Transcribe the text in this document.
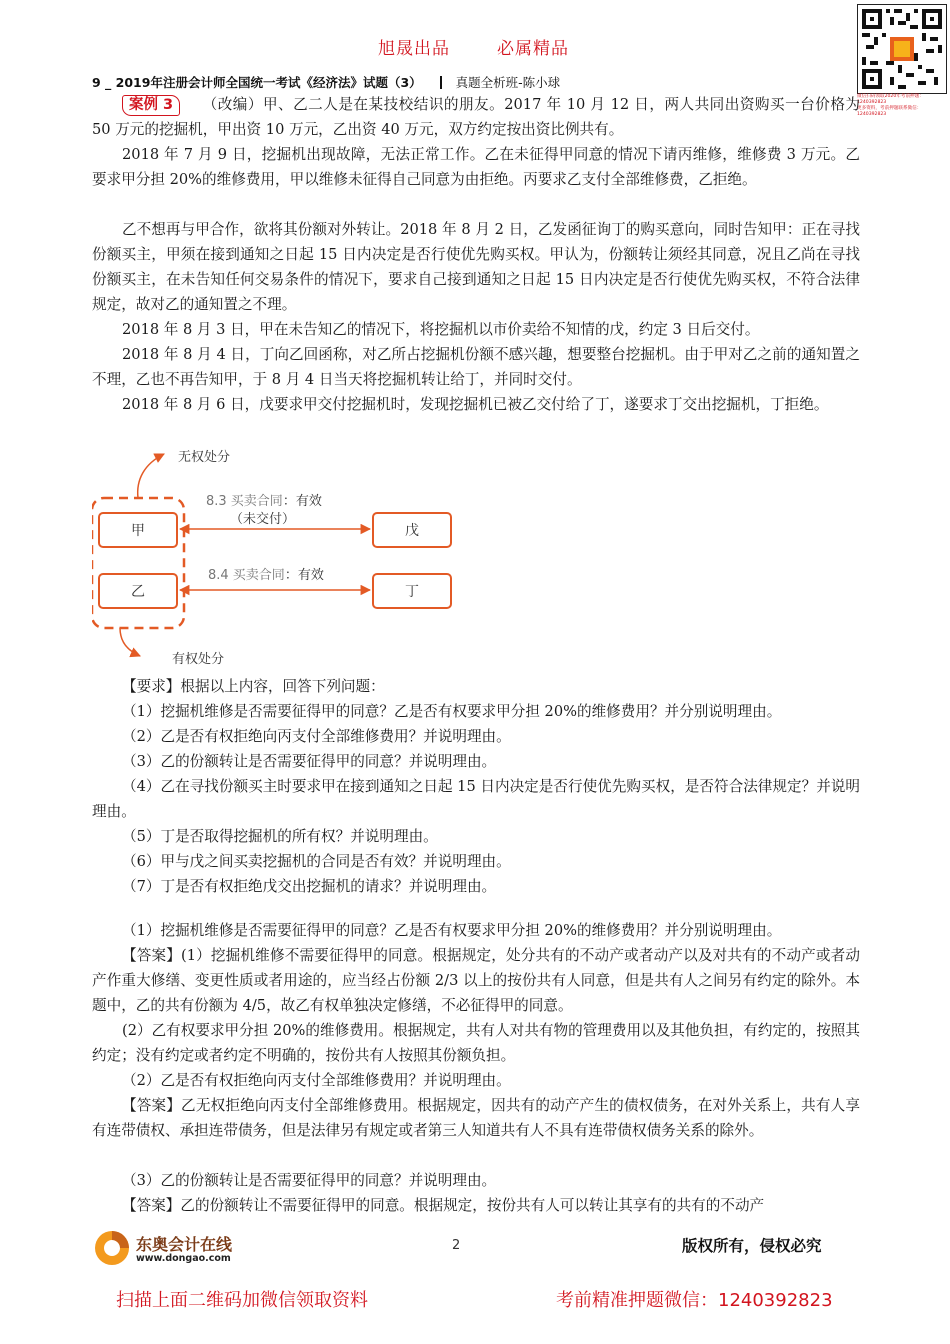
旭晟出品	必属精品
微信扫码领取2020年考前押题：1240392823
更多资料，考前押题联系微信：1240392823
9 _ 2019年注册会计师全国统一考试《经济法》试题（3）	真题全析班-陈小球

案例 3 （改编）甲、乙二人是在某技校结识的朋友。2017 年 10 月 12 日，两人共同出资购买一台价格为 50 万元的挖掘机，甲出资 10 万元，乙出资 40 万元，双方约定按出资比例共有。

2018 年 7 月 9 日，挖掘机出现故障，无法正常工作。乙在未征得甲同意的情况下请丙维修，维修费 3 万元。乙要求甲分担 20%的维修费用，甲以维修未征得自己同意为由拒绝。丙要求乙支付全部维修费，乙拒绝。

乙不想再与甲合作，欲将其份额对外转让。2018 年 8 月 2 日，乙发函征询丁的购买意向，同时告知甲：正在寻找份额买主，甲须在接到通知之日起 15 日内决定是否行使优先购买权。甲认为，份额转让须经其同意，况且乙尚在寻找份额买主，在未告知任何交易条件的情况下，要求自己接到通知之日起 15 日内决定是否行使优先购买权，不符合法律规定，故对乙的通知置之不理。

2018 年 8 月 3 日，甲在未告知乙的情况下，将挖掘机以市价卖给不知情的戊，约定 3 日后交付。

2018 年 8 月 4 日，丁向乙回函称，对乙所占挖掘机份额不感兴趣，想要整台挖掘机。由于甲对乙之前的通知置之不理，乙也不再告知甲，于 8 月 4 日当天将挖掘机转让给丁，并同时交付。

2018 年 8 月 6 日，戊要求甲交付挖掘机时，发现挖掘机已被乙交付给了丁，遂要求丁交出挖掘机，丁拒绝。

无权处分
有权处分
甲
乙
戊
丁
8.3 买卖合同：有效
（未交付）
8.4 买卖合同：有效

【要求】根据以上内容，回答下列问题：

（1）挖掘机维修是否需要征得甲的同意？乙是否有权要求甲分担 20%的维修费用？并分别说明理由。

（2）乙是否有权拒绝向丙支付全部维修费用？并说明理由。

（3）乙的份额转让是否需要征得甲的同意？并说明理由。

（4）乙在寻找份额买主时要求甲在接到通知之日起 15 日内决定是否行使优先购买权，是否符合法律规定？并说明理由。

（5）丁是否取得挖掘机的所有权？并说明理由。

（6）甲与戊之间买卖挖掘机的合同是否有效？并说明理由。

（7）丁是否有权拒绝戊交出挖掘机的请求？并说明理由。

（1）挖掘机维修是否需要征得甲的同意？乙是否有权要求甲分担 20%的维修费用？并分别说明理由。

【答案】(1）挖掘机维修不需要征得甲的同意。根据规定，处分共有的不动产或者动产以及对共有的不动产或者动产作重大修缮、变更性质或者用途的，应当经占份额 2/3 以上的按份共有人同意，但是共有人之间另有约定的除外。本题中，乙的共有份额为 4/5，故乙有权单独决定修缮，不必征得甲的同意。

(2）乙有权要求甲分担 20%的维修费用。根据规定，共有人对共有物的管理费用以及其他负担，有约定的，按照其约定；没有约定或者约定不明确的，按份共有人按照其份额负担。

（2）乙是否有权拒绝向丙支付全部维修费用？并说明理由。

【答案】乙无权拒绝向丙支付全部维修费用。根据规定，因共有的动产产生的债权债务，在对外关系上，共有人享有连带债权、承担连带债务，但是法律另有规定或者第三人知道共有人不具有连带债权债务关系的除外。

（3）乙的份额转让是否需要征得甲的同意？并说明理由。

【答案】乙的份额转让不需要征得甲的同意。根据规定，按份共有人可以转让其享有的共有的不动产

东奥会计在线
www.dongao.com
2	版权所有，侵权必究
扫描上面二维码加微信领取资料	考前精准押题微信：1240392823
